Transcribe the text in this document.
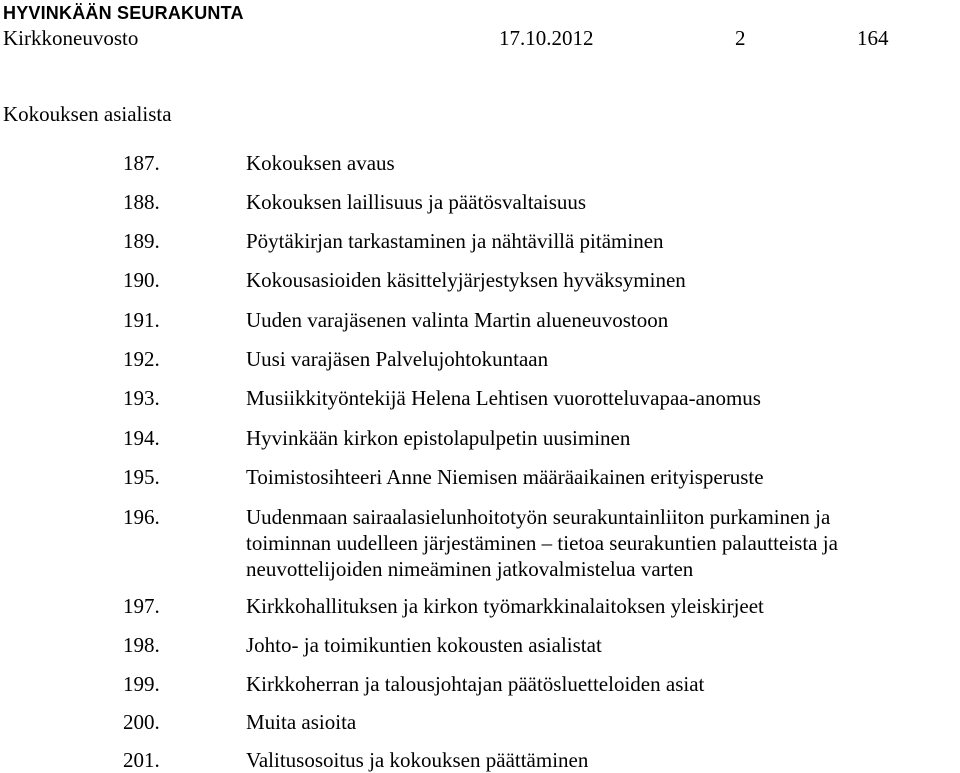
HYVINKÄÄN SEURAKUNTA
Kirkkoneuvosto	17.10.2012	2	164
Kokouksen asialista
187.	Kokouksen avaus
188.	Kokouksen laillisuus ja päätösvaltaisuus
189.	Pöytäkirjan tarkastaminen ja nähtävillä pitäminen
190.	Kokousasioiden käsittelyjärjestyksen hyväksyminen
191.	Uuden varajäsenen valinta Martin alueneuvostoon
192.	Uusi varajäsen Palvelujohtokuntaan
193.	Musiikkityöntekijä Helena Lehtisen vuorotteluvapaa-anomus
194.	Hyvinkään kirkon epistolapulpetin uusiminen
195.	Toimistosihteeri Anne Niemisen määräaikainen erityisperuste
196.	Uudenmaan sairaalasielunhoitotyön seurakuntainliiton purkaminen ja toiminnan uudelleen järjestäminen – tietoa seurakuntien palautteista ja neuvottelijoiden nimeäminen jatkovalmistelua varten
197.	Kirkkohallituksen ja kirkon työmarkkinalaitoksen yleiskirjeet
198.	Johto- ja toimikuntien kokousten asialistat
199.	Kirkkoherran ja talousjohtajan päätösluetteloiden asiat
200.	Muita asioita
201.	Valitusosoitus ja kokouksen päättäminen
